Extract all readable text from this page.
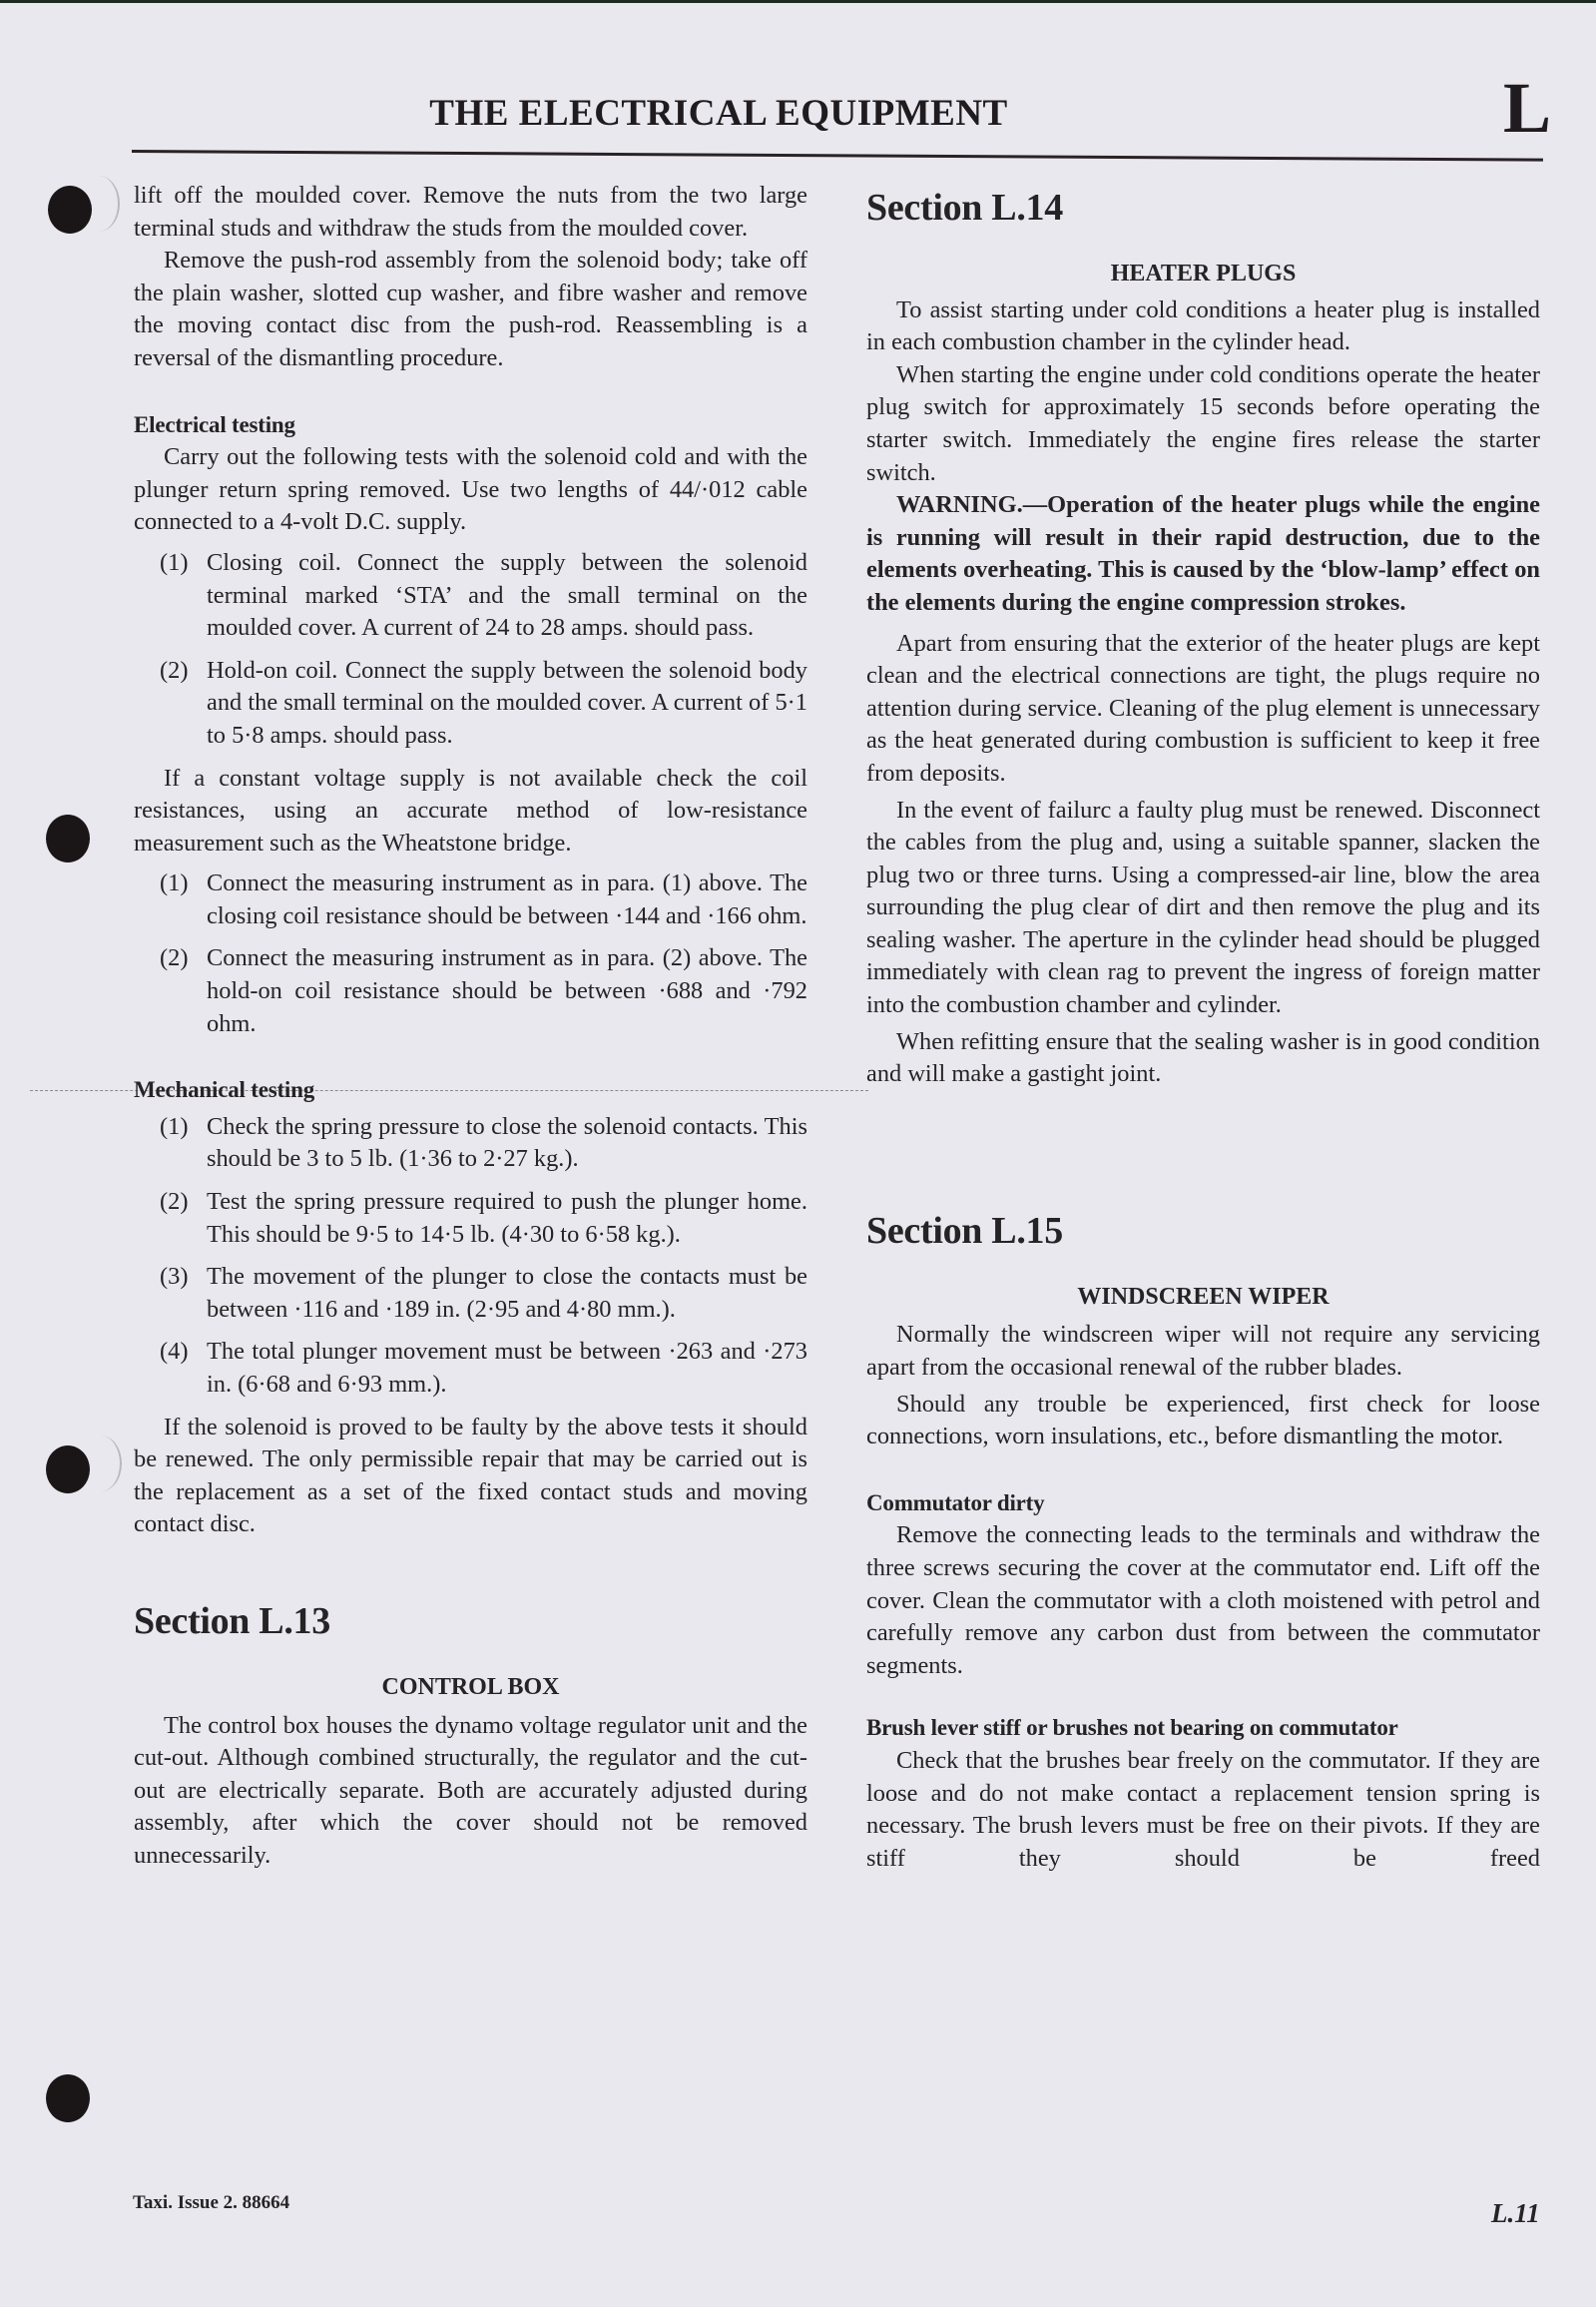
THE ELECTRICAL EQUIPMENT	L

lift off the moulded cover. Remove the nuts from the two large terminal studs and withdraw the studs from the moulded cover.

Remove the push-rod assembly from the solenoid body; take off the plain washer, slotted cup washer, and fibre washer and remove the moving contact disc from the push-rod. Reassembling is a reversal of the dismantling procedure.

Electrical testing

Carry out the following tests with the solenoid cold and with the plunger return spring removed. Use two lengths of 44/·012 cable connected to a 4-volt D.C. supply.

(1) Closing coil. Connect the supply between the solenoid terminal marked ‘STA’ and the small terminal on the moulded cover. A current of 24 to 28 amps. should pass.
(2) Hold-on coil. Connect the supply between the solenoid body and the small terminal on the moulded cover. A current of 5·1 to 5·8 amps. should pass.

If a constant voltage supply is not available check the coil resistances, using an accurate method of low-resistance measurement such as the Wheatstone bridge.

(1) Connect the measuring instrument as in para. (1) above. The closing coil resistance should be between ·144 and ·166 ohm.
(2) Connect the measuring instrument as in para. (2) above. The hold-on coil resistance should be between ·688 and ·792 ohm.

Mechanical testing

(1) Check the spring pressure to close the solenoid contacts. This should be 3 to 5 lb. (1·36 to 2·27 kg.).
(2) Test the spring pressure required to push the plunger home. This should be 9·5 to 14·5 lb. (4·30 to 6·58 kg.).
(3) The movement of the plunger to close the contacts must be between ·116 and ·189 in. (2·95 and 4·80 mm.).
(4) The total plunger movement must be between ·263 and ·273 in. (6·68 and 6·93 mm.).

If the solenoid is proved to be faulty by the above tests it should be renewed. The only permissible repair that may be carried out is the replacement as a set of the fixed contact studs and moving contact disc.

Section L.13

CONTROL BOX

The control box houses the dynamo voltage regulator unit and the cut-out. Although combined structurally, the regulator and the cut-out are electrically separate. Both are accurately adjusted during assembly, after which the cover should not be removed unnecessarily.

Section L.14

HEATER PLUGS

To assist starting under cold conditions a heater plug is installed in each combustion chamber in the cylinder head.

When starting the engine under cold conditions operate the heater plug switch for approximately 15 seconds before operating the starter switch. Immediately the engine fires release the starter switch.

WARNING.—Operation of the heater plugs while the engine is running will result in their rapid destruction, due to the elements overheating. This is caused by the ‘blow-lamp’ effect on the elements during the engine compression strokes.

Apart from ensuring that the exterior of the heater plugs are kept clean and the electrical connections are tight, the plugs require no attention during service. Cleaning of the plug element is unnecessary as the heat generated during combustion is sufficient to keep it free from deposits.

In the event of failurc a faulty plug must be renewed. Disconnect the cables from the plug and, using a suitable spanner, slacken the plug two or three turns. Using a compressed-air line, blow the area surrounding the plug clear of dirt and then remove the plug and its sealing washer. The aperture in the cylinder head should be plugged immediately with clean rag to prevent the ingress of foreign matter into the combustion chamber and cylinder.

When refitting ensure that the sealing washer is in good condition and will make a gastight joint.

Section L.15

WINDSCREEN WIPER

Normally the windscreen wiper will not require any servicing apart from the occasional renewal of the rubber blades.

Should any trouble be experienced, first check for loose connections, worn insulations, etc., before dismantling the motor.

Commutator dirty

Remove the connecting leads to the terminals and withdraw the three screws securing the cover at the commutator end. Lift off the cover. Clean the commutator with a cloth moistened with petrol and carefully remove any carbon dust from between the commutator segments.

Brush lever stiff or brushes not bearing on commutator

Check that the brushes bear freely on the commutator. If they are loose and do not make contact a replacement tension spring is necessary. The brush levers must be free on their pivots. If they are stiff they should be freed

Taxi. Issue 2. 88664	L.11
